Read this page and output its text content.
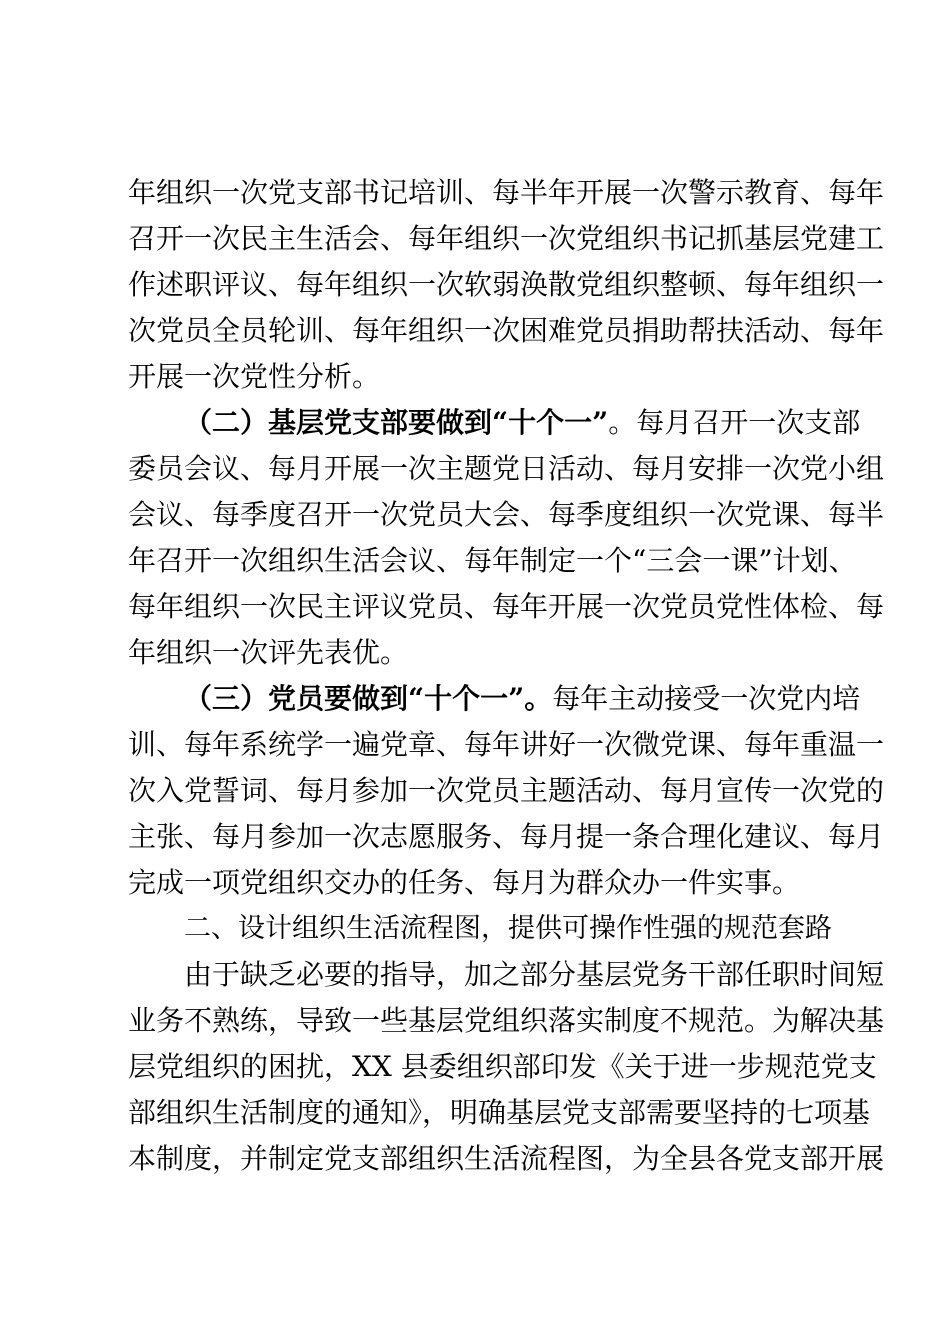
年组织一次党支部书记培训、每半年开展一次警示教育、每年
召开一次民主生活会、每年组织一次党组织书记抓基层党建工
作述职评议、每年组织一次软弱涣散党组织整顿、每年组织一
次党员全员轮训、每年组织一次困难党员捐助帮扶活动、每年
开展一次党性分析。
（二）基层党支部要做到“十个一”。每月召开一次支部
委员会议、每月开展一次主题党日活动、每月安排一次党小组
会议、每季度召开一次党员大会、每季度组织一次党课、每半
年召开一次组织生活会议、每年制定一个“三会一课”计划、
每年组织一次民主评议党员、每年开展一次党员党性体检、每
年组织一次评先表优。
（三）党员要做到“十个一”。每年主动接受一次党内培
训、每年系统学一遍党章、每年讲好一次微党课、每年重温一
次入党誓词、每月参加一次党员主题活动、每月宣传一次党的
主张、每月参加一次志愿服务、每月提一条合理化建议、每月
完成一项党组织交办的任务、每月为群众办一件实事。
二、设计组织生活流程图，提供可操作性强的规范套路
由于缺乏必要的指导，加之部分基层党务干部任职时间短
业务不熟练，导致一些基层党组织落实制度不规范。为解决基
层党组织的困扰，XX 县委组织部印发《关于进一步规范党支
部组织生活制度的通知》，明确基层党支部需要坚持的七项基
本制度，并制定党支部组织生活流程图，为全县各党支部开展
